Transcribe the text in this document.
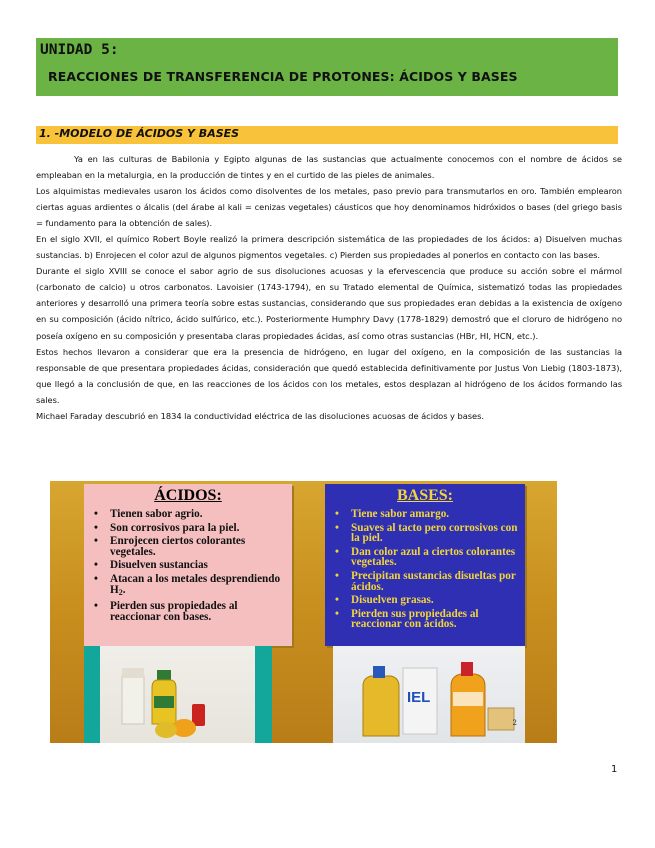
UNIDAD 5:
REACCIONES DE TRANSFERENCIA DE PROTONES: ÁCIDOS Y BASES
1. -MODELO DE ÁCIDOS Y BASES

Ya en las culturas de Babilonia y Egipto algunas de las sustancias que actualmente conocemos con el nombre de ácidos se empleaban en la metalurgia, en la producción de tintes y en el curtido de las pieles de animales.

Los alquimistas medievales usaron los ácidos como disolventes de los metales, paso previo para transmutarlos en oro. También emplearon ciertas aguas ardientes o álcalis (del árabe al kali = cenizas vegetales) cáusticos que hoy denominamos hidróxidos o bases (del griego basis = fundamento para la obtención de sales).

En el siglo XVII, el químico Robert Boyle realizó la primera descripción sistemática de las propiedades de los ácidos: a) Disuelven muchas sustancias. b) Enrojecen el color azul de algunos pigmentos vegetales. c) Pierden sus propiedades al ponerlos en contacto con las bases.

Durante el siglo XVIII se conoce el sabor agrio de sus disoluciones acuosas y la efervescencia que produce su acción sobre el mármol (carbonato de calcio) u otros carbonatos. Lavoisier (1743-1794), en su Tratado elemental de Química, sistematizó todas las propiedades anteriores y desarrolló una primera teoría sobre estas sustancias, considerando que sus propiedades eran debidas a la existencia de oxígeno en su composición (ácido nítrico, ácido sulfúrico, etc.). Posteriormente Humphry Davy (1778-1829) demostró que el cloruro de hidrógeno no poseía oxígeno en su composición y presentaba claras propiedades ácidas, así como otras sustancias (HBr, HI, HCN, etc.).

Estos hechos llevaron a considerar que era la presencia de hidrógeno, en lugar del oxígeno, en la composición de las sustancias la responsable de que presentara propiedades ácidas, consideración que quedó establecida definitivamente por Justus Von Liebig (1803-1873), que llegó a la conclusión de que, en las reacciones de los ácidos con los metales, estos desplazan al hidrógeno de los ácidos formando las sales.

Michael Faraday descubrió en 1834 la conductividad eléctrica de las disoluciones acuosas de ácidos y bases.

ÁCIDOS:
• Tienen sabor agrio.
• Son corrosivos para la piel.
• Enrojecen ciertos colorantes vegetales.
• Disuelven sustancias
• Atacan a los metales desprendiendo $H_2$.
• Pierden sus propiedades al reaccionar con bases.
BASES:
• Tiene sabor amargo.
• Suaves al tacto pero corrosivos con la piel.
• Dan color azul a ciertos colorantes vegetales.
• Precipitan sustancias disueltas por ácidos.
• Disuelven grasas.
• Pierden sus propiedades al reaccionar con ácidos.
IEL
2
1
